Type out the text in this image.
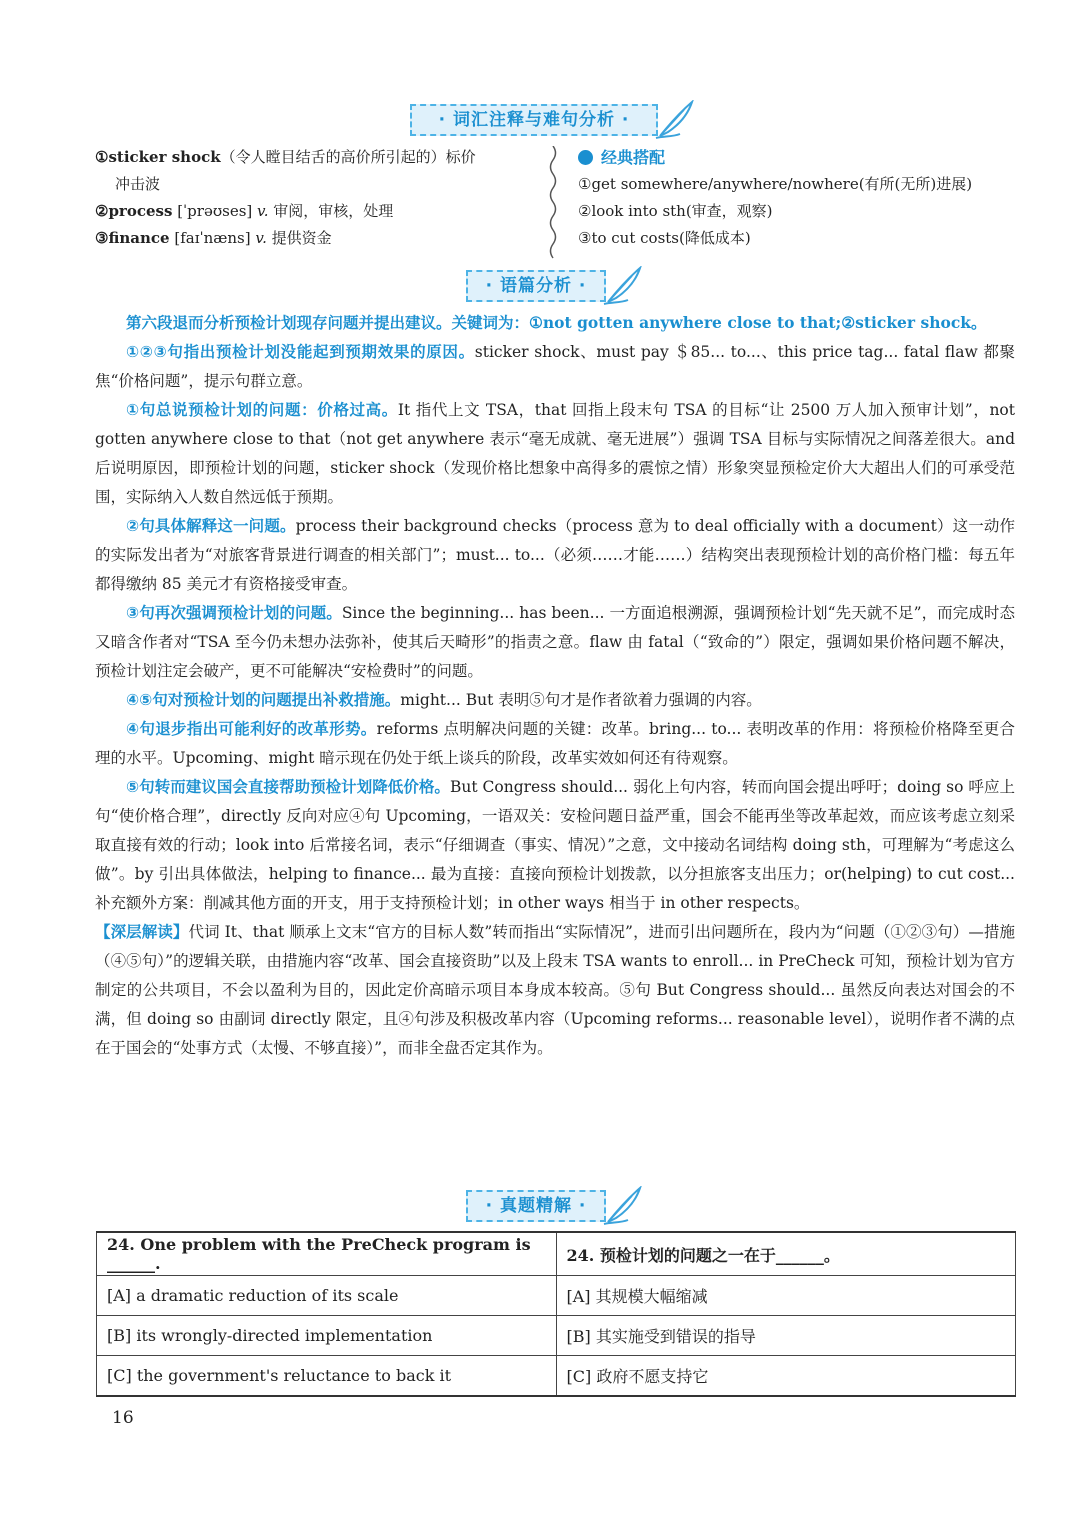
· 词汇注释与难句分析 ·
①sticker shock（令人瞠目结舌的高价所引起的）标价
冲击波
②process [ˈprəʊses] v. 审阅，审核，处理
③finance [faɪˈnæns] v. 提供资金
经典搭配
①get somewhere/anywhere/nowhere(有所(无所)进展)
②look into sth(审查，观察)
③to cut costs(降低成本)
· 语篇分析 ·

第六段退而分析预检计划现存问题并提出建议。关键词为：①not gotten anywhere close to that;②sticker shock。

①②③句指出预检计划没能起到预期效果的原因。sticker shock、must pay ＄85... to...、this price tag... fatal flaw 都聚焦“价格问题”，提示句群立意。

①句总说预检计划的问题：价格过高。It 指代上文 TSA，that 回指上段末句 TSA 的目标“让 2500 万人加入预审计划”，not gotten anywhere close to that（not get anywhere 表示“毫无成就、毫无进展”）强调 TSA 目标与实际情况之间落差很大。and 后说明原因，即预检计划的问题，sticker shock（发现价格比想象中高得多的震惊之情）形象突显预检定价大大超出人们的可承受范围，实际纳入人数自然远低于预期。

②句具体解释这一问题。process their background checks（process 意为 to deal officially with a document）这一动作的实际发出者为“对旅客背景进行调查的相关部门”；must... to...（必须……才能……）结构突出表现预检计划的高价格门槛：每五年都得缴纳 85 美元才有资格接受审查。

③句再次强调预检计划的问题。Since the beginning... has been... 一方面追根溯源，强调预检计划“先天就不足”，而完成时态又暗含作者对“TSA 至今仍未想办法弥补，使其后天畸形”的指责之意。flaw 由 fatal（“致命的”）限定，强调如果价格问题不解决，预检计划注定会破产，更不可能解决“安检费时”的问题。

④⑤句对预检计划的问题提出补救措施。might... But 表明⑤句才是作者欲着力强调的内容。

④句退步指出可能利好的改革形势。reforms 点明解决问题的关键：改革。bring... to... 表明改革的作用：将预检价格降至更合理的水平。Upcoming、might 暗示现在仍处于纸上谈兵的阶段，改革实效如何还有待观察。

⑤句转而建议国会直接帮助预检计划降低价格。But Congress should... 弱化上句内容，转而向国会提出呼吁；doing so 呼应上句“使价格合理”，directly 反向对应④句 Upcoming，一语双关：安检问题日益严重，国会不能再坐等改革起效，而应该考虑立刻采取直接有效的行动；look into 后常接名词，表示“仔细调查（事实、情况）”之意，文中接动名词结构 doing sth，可理解为“考虑这么做”。by 引出具体做法，helping to finance... 最为直接：直接向预检计划拨款，以分担旅客支出压力；or(helping) to cut cost... 补充额外方案：削减其他方面的开支，用于支持预检计划；in other ways 相当于 in other respects。

【深层解读】代词 It、that 顺承上文末“官方的目标人数”转而指出“实际情况”，进而引出问题所在，段内为“问题（①②③句）—措施（④⑤句）”的逻辑关联，由措施内容“改革、国会直接资助”以及上段末 TSA wants to enroll... in PreCheck 可知，预检计划为官方制定的公共项目，不会以盈利为目的，因此定价高暗示项目本身成本较高。⑤句 But Congress should... 虽然反向表达对国会的不满，但 doing so 由副词 directly 限定，且④句涉及积极改革内容（Upcoming reforms... reasonable level），说明作者不满的点在于国会的“处事方式（太慢、不够直接）”，而非全盘否定其作为。

· 真题精解 ·
24. One problem with the PreCheck program is ______.	24. 预检计划的问题之一在于______。
[A] a dramatic reduction of its scale	[A] 其规模大幅缩减
[B] its wrongly-directed implementation	[B] 其实施受到错误的指导
[C] the government's reluctance to back it	[C] 政府不愿支持它
16
